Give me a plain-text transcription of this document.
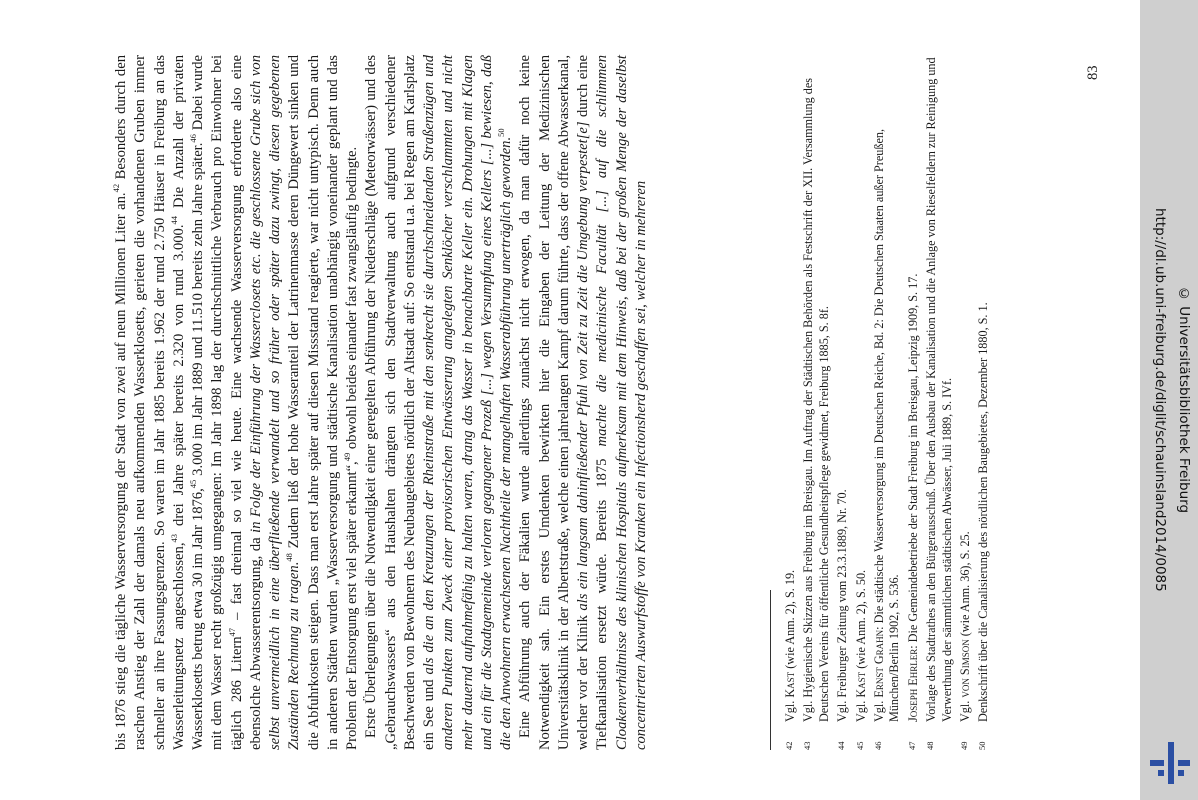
bis 1876 stieg die tägliche Wasserversorgung der Stadt von zwei auf neun Millionen Liter an.$^{42}$ Besonders durch den raschen Anstieg der Zahl der damals neu aufkommenden Wasserklosetts, gerieten die vorhandenen Gruben immer schneller an ihre Fassungsgrenzen. So waren im Jahr 1885 bereits 1.962 der rund 2.750 Häuser in Freiburg an das Wasserleitungsnetz angeschlossen,$^{43}$ drei Jahre später bereits 2.320 von rund 3.000.44 Die Anzahl der privaten Wasserklosetts betrug etwa 30 im Jahr 1876,45 3.000 im Jahr 1889 und 11.510 bereits zehn Jahre später.$^{46}$ Dabei wurde mit dem Wasser recht großzügig umgegangen: Im Jahr 1898 lag der durchschnittliche Verbrauch pro Einwohner bei täglich 286 Litern$^{47}$ – fast dreimal so viel wie heute. Eine wachsende Wasserversorgung erforderte also eine ebensolche Abwasserentsorgung, da in Folge der Einführung der Wasserclosets etc. die geschlossene Grube sich von selbst unvermeidlich in eine überfließende verwandelt und so früher oder später dazu zwingt, diesen gegebenen Zuständen Rechnung zu tragen.$^{48}$ Zudem ließ der hohe Wasseranteil der Latrinenmasse deren Düngewert sinken und die Abfuhrkosten steigen. Dass man erst Jahre später auf diesen Missstand reagierte, war nicht untypisch. Denn auch in anderen Städten wurden „Wasserversorgung und städtische Kanalisation unabhängig voneinander geplant und das Problem der Entsorgung erst viel später erkannt“,$^{49}$ obwohl beides einander fast zwangsläufig bedingte. Erste Überlegungen über die Notwendigkeit einer geregelten Abführung der Niederschläge (Meteorwässer) und des „Gebrauchswassers“ aus den Haushalten drängten sich den Stadtverwaltung auch aufgrund verschiedener Beschwerden von Bewohnern des Neubaugebietes nördlich der Altstadt auf: So entstand u.a. bei Regen am Karlsplatz ein See und als die an den Kreuzungen der Rheinstraße mit den senkrecht sie durchschneidenden Straßenzügen und anderen Punkten zum Zweck einer provisorischen Entwässerung angelegten Senklöcher verschlammten und nicht mehr dauernd aufnahmefähig zu halten waren, drang das Wasser in benachbarte Keller ein. Drohungen mit Klagen und ein für die Stadtgemeinde verloren gegangener Prozeß [...] wegen Versumpfung eines Kellers [...] bewiesen, daß die den Anwohnern erwachsenen Nachtheile der mangelhaften Wasserabführung unerträglich geworden.$^{50}$ Eine Abführung auch der Fäkalien wurde allerdings zunächst nicht erwogen, da man dafür noch keine Notwendigkeit sah. Ein erstes Umdenken bewirkten hier die Eingaben der Leitung der Medizinischen Universitätsklinik in der Albertstraße, welche einen jahrelangen Kampf darum führte, dass der offene Abwasserkanal, welcher vor der Klinik als ein langsam dahinfließender Pfuhl von Zeit zu Zeit die Umgebung verpestet[e] durch eine Tiefkanalisation ersetzt würde. Bereits 1875 machte die medicinische Facultät [...] auf die schlimmen Cloakenverhältnisse des klinischen Hospitals aufmerksam mit dem Hinweis, daß bei der großen Menge der daselbst concentrierten Auswurfstoffe von Kranken ein Infectionsherd geschaffen sei, welcher in mehreren	42
Vgl. Kast (wie Anm. 2), S. 19.
43
Vgl. Hygienische Skizzen aus Freiburg im Breisgau. Im Auftrag der Städtischen Behörden als Festschrift der XII. Versammlung des Deutschen Vereins für öffentliche Gesundheitspflege gewidmet, Freiburg 1885, S. 8f.
44
Vgl. Freiburger Zeitung vom 23.3.1889, Nr. 70.
45
Vgl. Kast (wie Anm. 2), S. 50.
46
Vgl. Ernst Grahn: Die städtische Wasserversorgung im Deutschen Reiche, Bd. 2: Die Deutschen Staaten außer Preußen, München/Berlin 1902, S. 536.
47
Joseph Ehrler: Die Gemeindebetriebe der Stadt Freiburg im Breisgau, Leipzig 1909, S. 17.
48
Vorlage des Stadtrathes an den Bürgerausschuß. Über den Ausbau der Kanalisation und die Anlage von Rieselfeldern zur Reinigung und Verwerthung der sämmtlichen städtischen Abwässer, Juli 1889, S. IVf.
49
Vgl. von Simson (wie Anm. 36), S. 25.
50
Denkschrift über die Canalisierung des nördlichen Baugebietes, Dezember 1880, S. 1.
83
http://dl.ub.uni-freiburg.de/diglit/schauinsland2014/0085 © Universitätsbibliothek Freiburg
